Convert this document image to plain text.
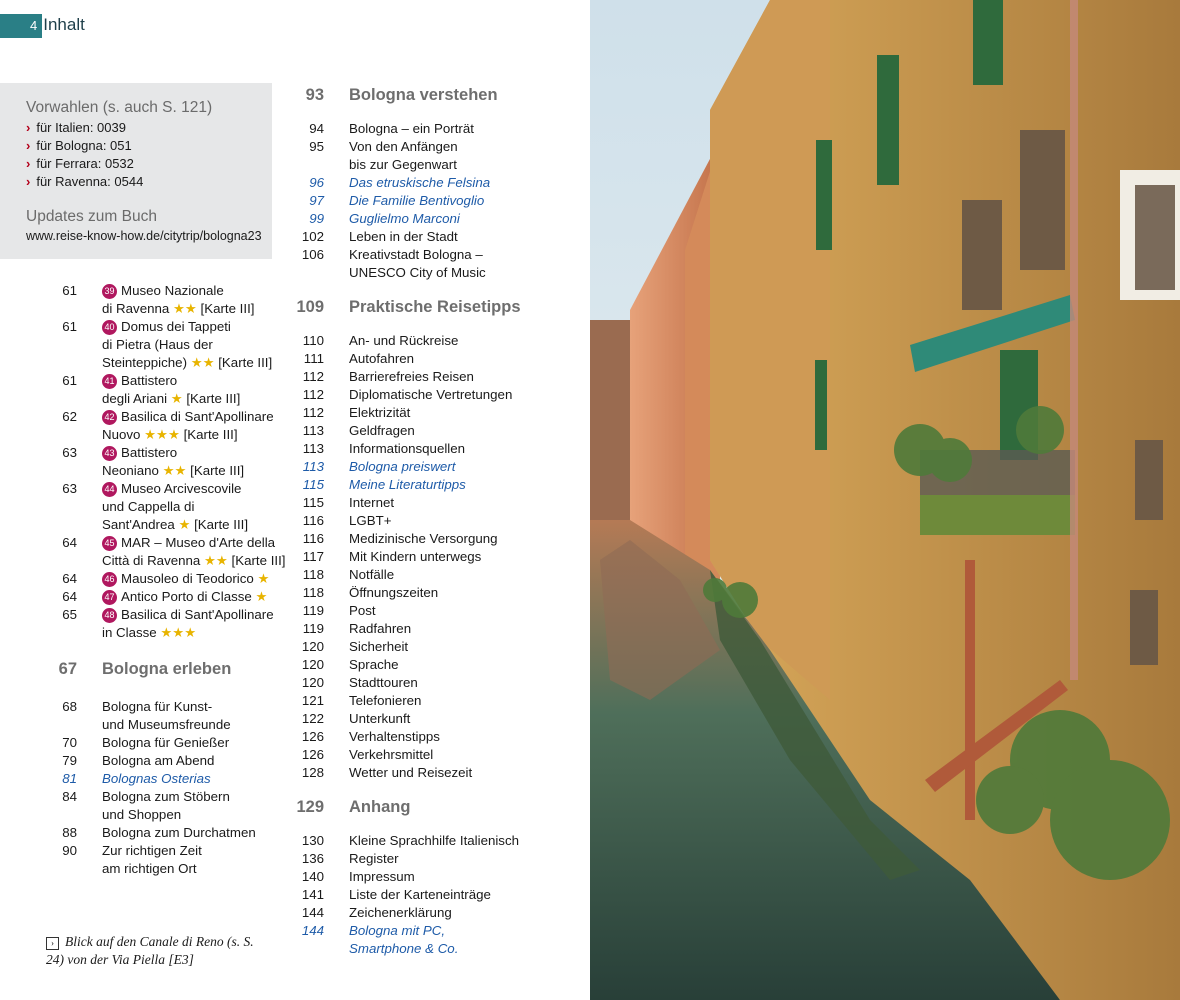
4 Inhalt
Vorwahlen (s. auch S. 121)
› für Italien: 0039
› für Bologna: 051
› für Ferrara: 0532
› für Ravenna: 0544
Updates zum Buch
www.reise-know-how.de/citytrip/bologna23
61	39 Museo Nazionale
di Ravenna ★★ [Karte III]
61	40 Domus dei Tappeti
di Pietra (Haus der
Steinteppiche) ★★ [Karte III]
61	41 Battistero
degli Ariani ★ [Karte III]
62	42 Basilica di Sant'Apollinare
Nuovo ★★★ [Karte III]
63	43 Battistero
Neoniano ★★ [Karte III]
63	44 Museo Arcivescovile
und Cappella di
Sant'Andrea ★ [Karte III]
64	45 MAR – Museo d'Arte della
Città di Ravenna ★★ [Karte III]
64	46 Mausoleo di Teodorico ★
64	47 Antico Porto di Classe ★
65	48 Basilica di Sant'Apollinare
in Classe ★★★
67 Bologna erleben
68 Bologna für Kunst-
und Museumsfreunde
70 Bologna für Genießer
79 Bologna am Abend
81 Bolognas Osterias
84 Bologna zum Stöbern
und Shoppen
88 Bologna zum Durchatmen
90 Zur richtigen Zeit
am richtigen Ort
› Blick auf den Canale di Reno (s. S. 24) von der Via Piella [E3]
93 Bologna verstehen
94 Bologna – ein Porträt
95 Von den Anfängen
bis zur Gegenwart
96 Das etruskische Felsina
97 Die Familie Bentivoglio
99 Guglielmo Marconi
102 Leben in der Stadt
106 Kreativstadt Bologna –
UNESCO City of Music
109 Praktische Reisetipps
110 An- und Rückreise
111 Autofahren
112 Barrierefreies Reisen
112 Diplomatische Vertretungen
112 Elektrizität
113 Geldfragen
113 Informationsquellen
113 Bologna preiswert
115 Meine Literaturtipps
115 Internet
116 LGBT+
116 Medizinische Versorgung
117 Mit Kindern unterwegs
118 Notfälle
118 Öffnungszeiten
119 Post
119 Radfahren
120 Sicherheit
120 Sprache
120 Stadttouren
121 Telefonieren
122 Unterkunft
126 Verhaltenstipps
126 Verkehrsmittel
128 Wetter und Reisezeit
129 Anhang
130 Kleine Sprachhilfe Italienisch
136 Register
140 Impressum
141 Liste der Karteneinträge
144 Zeichenerklärung
144 Bologna mit PC,
Smartphone & Co.
